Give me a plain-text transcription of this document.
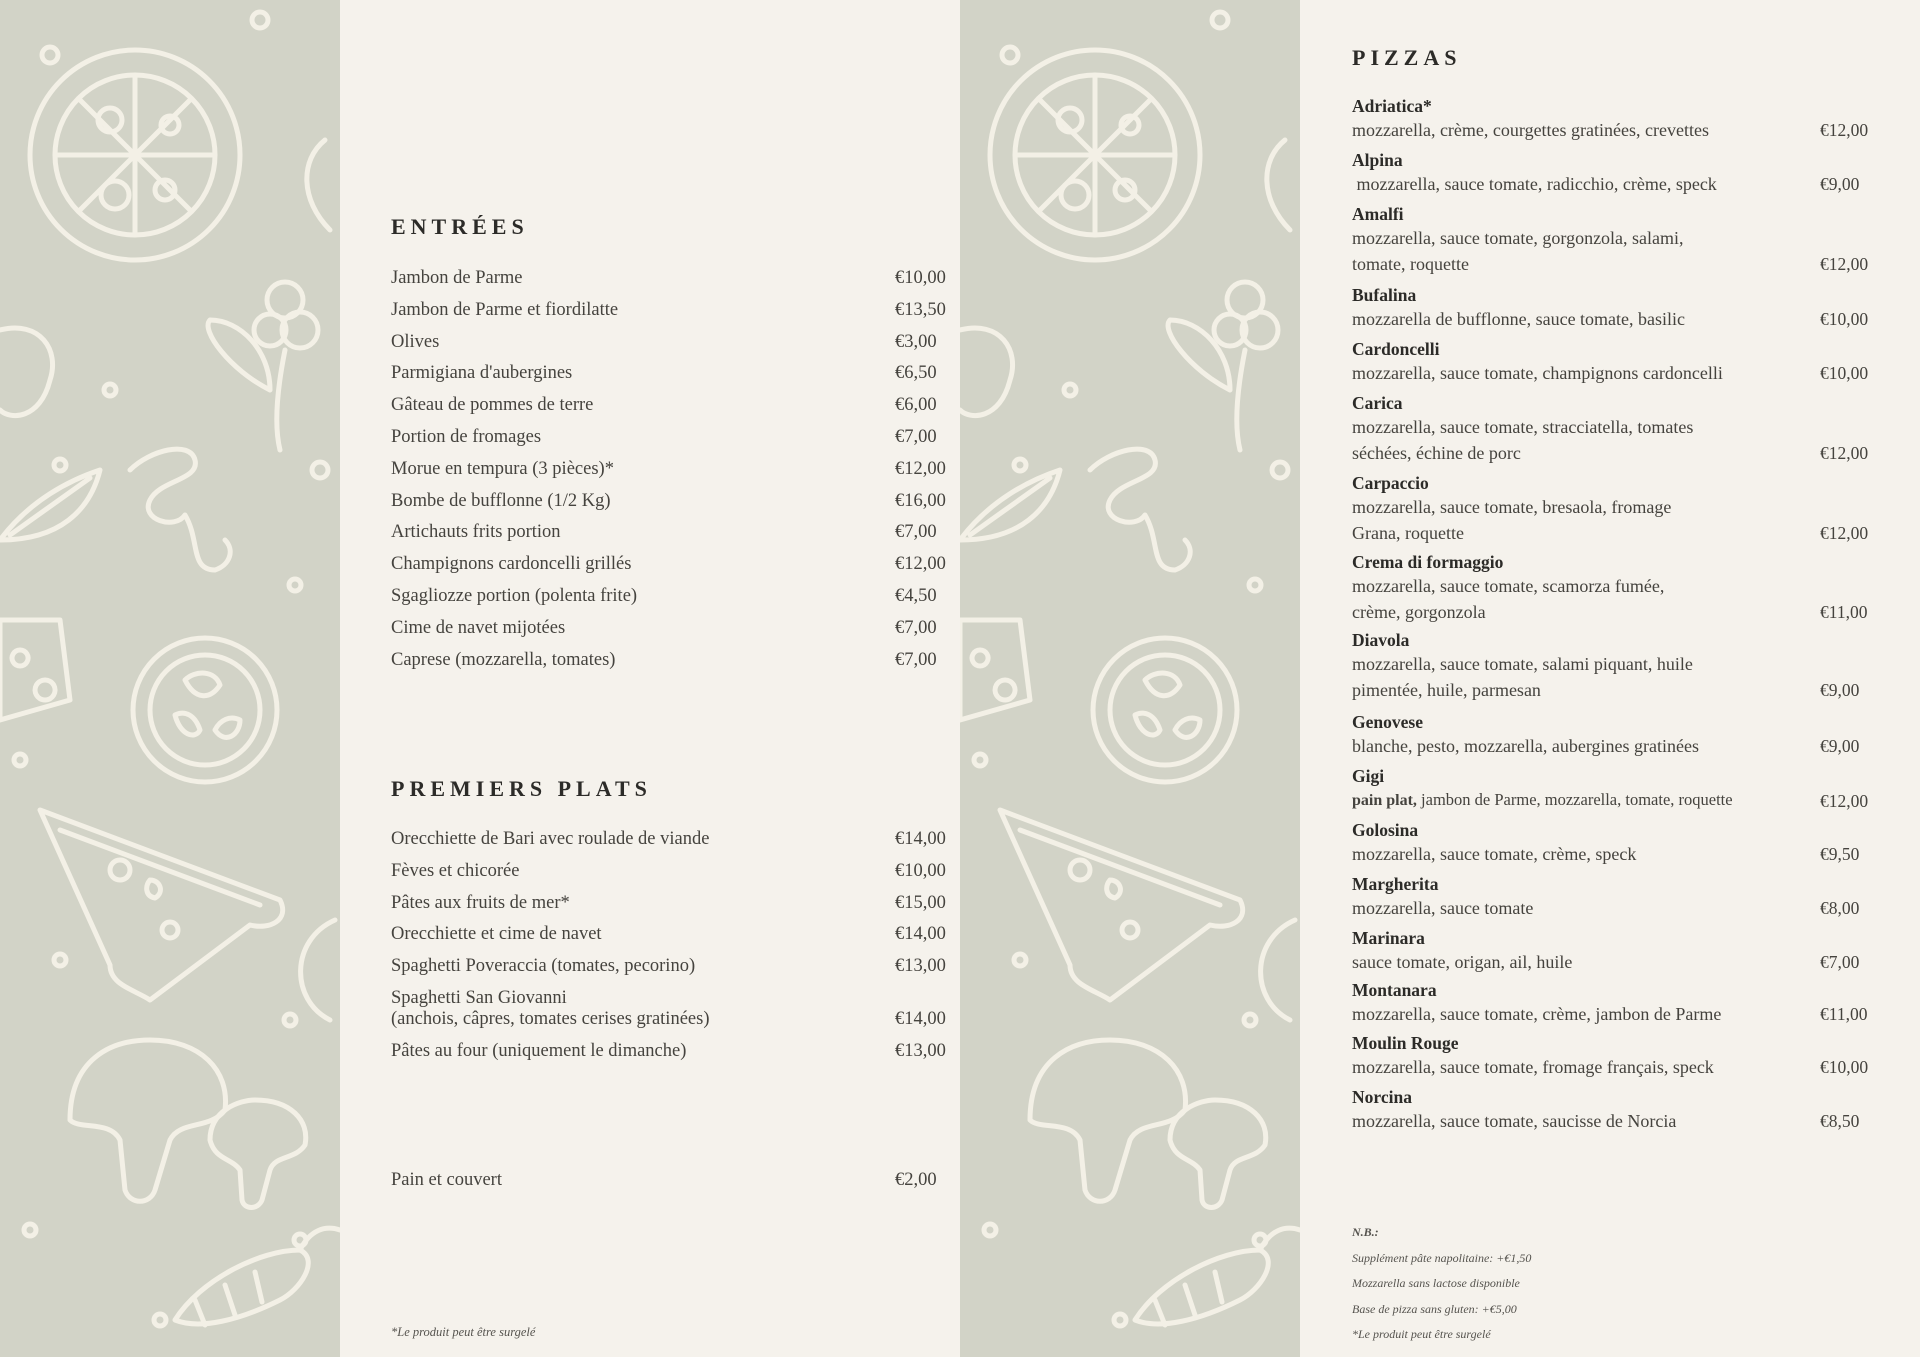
ENTRÉES
Jambon de Parme	€10,00
Jambon de Parme et fiordilatte	€13,50
Olives	€3,00
Parmigiana d'aubergines	€6,50
Gâteau de pommes de terre	€6,00
Portion de fromages	€7,00
Morue en tempura (3 pièces)*	€12,00
Bombe de bufflonne (1/2 Kg)	€16,00
Artichauts frits portion	€7,00
Champignons cardoncelli grillés	€12,00
Sgagliozze portion (polenta frite)	€4,50
Cime de navet mijotées	€7,00
Caprese (mozzarella, tomates)	€7,00
PREMIERS PLATS
Orecchiette de Bari avec roulade de viande	€14,00
Fèves et chicorée	€10,00
Pâtes aux fruits de mer*	€15,00
Orecchiette et cime de navet	€14,00
Spaghetti Poveraccia (tomates, pecorino)	€13,00
Spaghetti San Giovanni
(anchois, câpres, tomates cerises gratinées)	€14,00
Pâtes au four (uniquement le dimanche)	€13,00
Pain et couvert	€2,00
*Le produit peut être surgelé
PIZZAS
Adriatica*
mozzarella, crème, courgettes gratinées, crevettes	€12,00
Alpina
mozzarella, sauce tomate, radicchio, crème, speck	€9,00
Amalfi
mozzarella, sauce tomate, gorgonzola, salami,
tomate, roquette	€12,00
Bufalina
mozzarella de bufflonne, sauce tomate, basilic	€10,00
Cardoncelli
mozzarella, sauce tomate, champignons cardoncelli	€10,00
Carica
mozzarella, sauce tomate, stracciatella, tomates
séchées, échine de porc	€12,00
Carpaccio
mozzarella, sauce tomate, bresaola, fromage
Grana, roquette	€12,00
Crema di formaggio
mozzarella, sauce tomate, scamorza fumée,
crème, gorgonzola	€11,00
Diavola
mozzarella, sauce tomate, salami piquant, huile
pimentée, huile, parmesan	€9,00
Genovese
blanche, pesto, mozzarella, aubergines gratinées	€9,00
Gigi
pain plat, jambon de Parme, mozzarella, tomate, roquette	€12,00
Golosina
mozzarella, sauce tomate, crème, speck	€9,50
Margherita
mozzarella, sauce tomate	€8,00
Marinara
sauce tomate, origan, ail, huile	€7,00
Montanara
mozzarella, sauce tomate, crème, jambon de Parme	€11,00
Moulin Rouge
mozzarella, sauce tomate, fromage français, speck	€10,00
Norcina
mozzarella, sauce tomate, saucisse de Norcia	€8,50
N.B.:
Supplément pâte napolitaine: +€1,50
Mozzarella sans lactose disponible
Base de pizza sans gluten: +€5,00
*Le produit peut être surgelé
